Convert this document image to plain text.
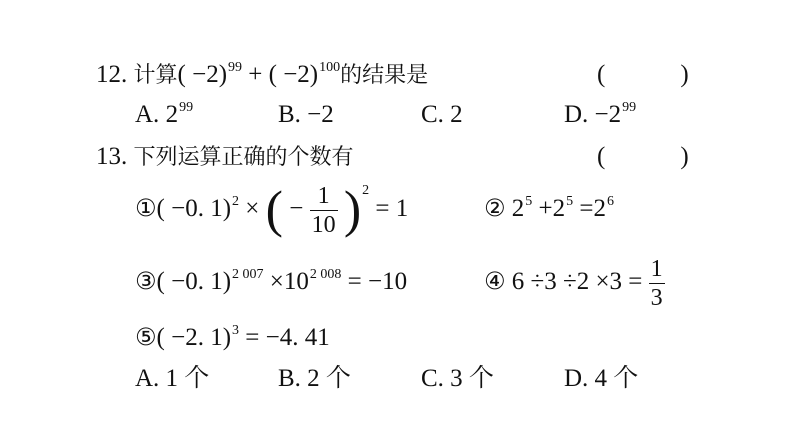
12. 计算( −2)$^{99}$ + ( −2)$^{100}$的结果是	(　　　)
A. $2^{99}$	B. −2	C. 2	D. $-2^{99}$
13. 下列运算正确的个数有	(　　　)
①( −0. 1)$^2$ × ( − $\frac{1}{10} )^2 = 1$	② $2^5 +2^5 =2^6$
③( −0. $1)^{2 007} \times 10^{2 008} = -10$	④ $6 \div 3 \div 2 \times 3 = \frac{1}{3}$
⑤( −2. 1)$^3$ = −4. 41
A. 1 个	B. 2 个	C. 3 个	D. 4 个
